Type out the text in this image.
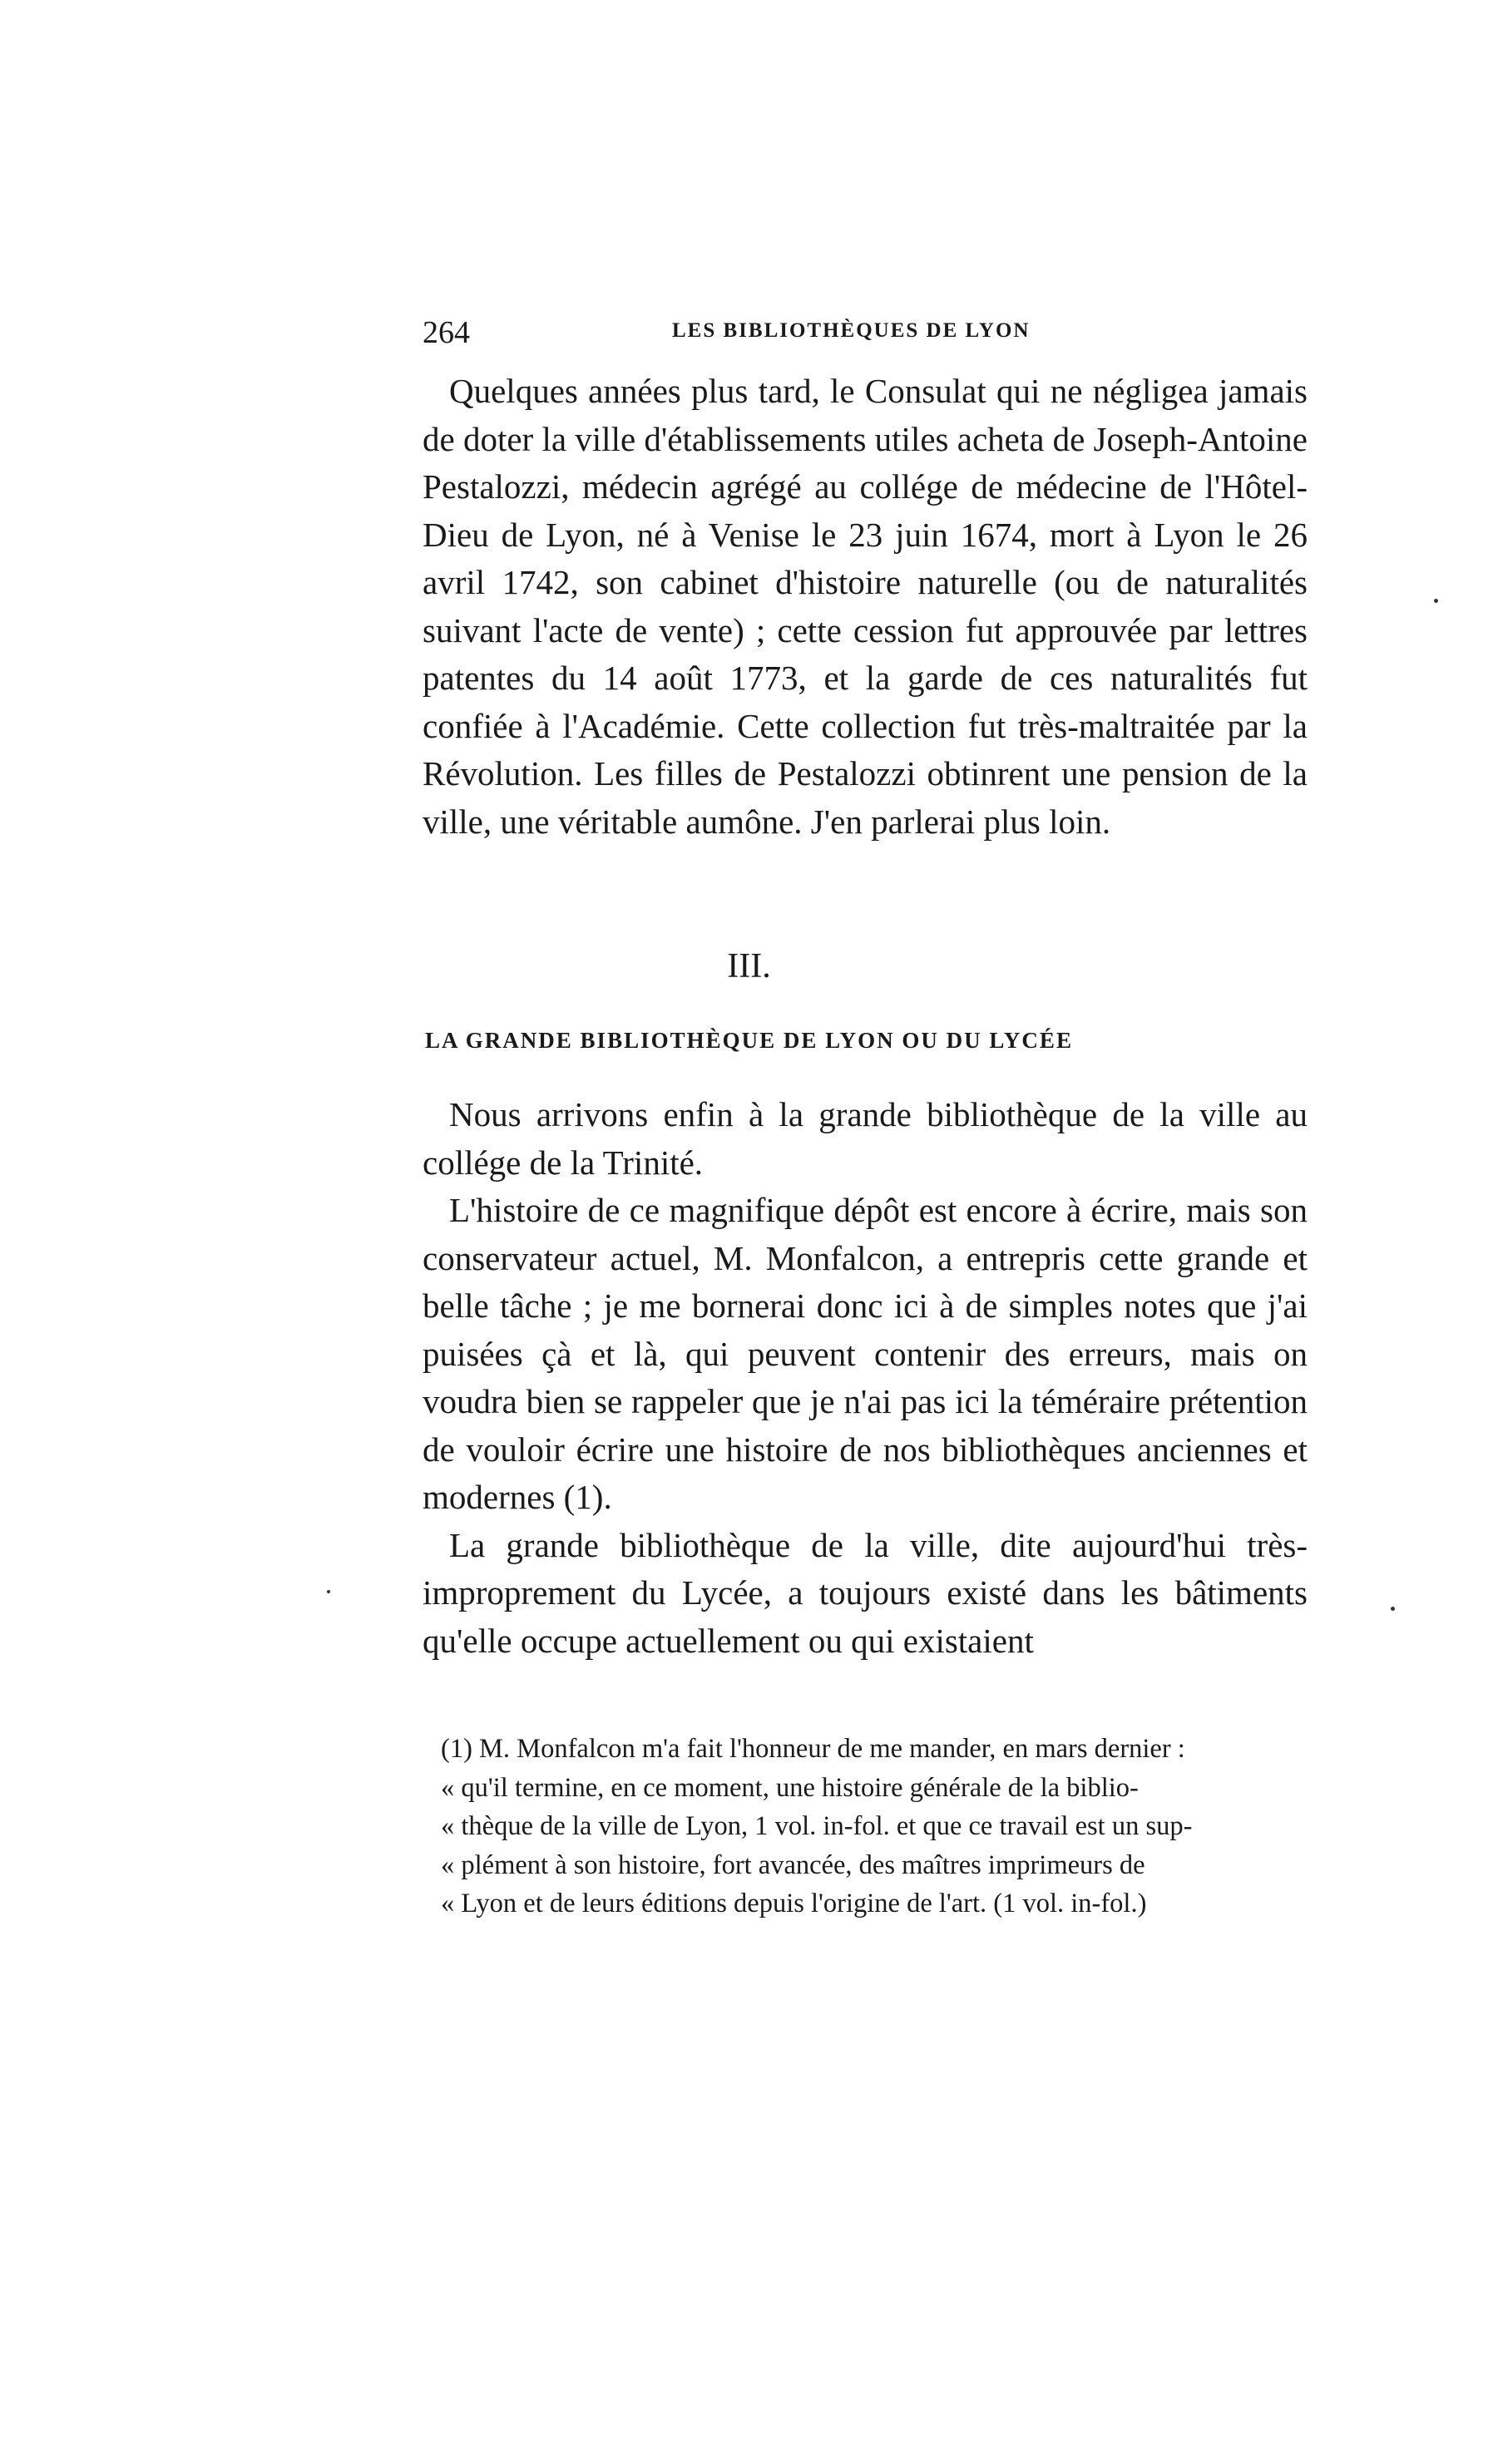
264	LES BIBLIOTHÈQUES DE LYON

Quelques années plus tard, le Consulat qui ne négligea jamais de doter la ville d'établissements utiles acheta de Joseph-Antoine Pestalozzi, médecin agrégé au collége de médecine de l'Hôtel-Dieu de Lyon, né à Venise le 23 juin 1674, mort à Lyon le 26 avril 1742, son cabinet d'histoire naturelle (ou de naturalités suivant l'acte de vente) ; cette cession fut approuvée par lettres patentes du 14 août 1773, et la garde de ces naturalités fut confiée à l'Académie. Cette collection fut très-maltraitée par la Révolution. Les filles de Pestalozzi obtinrent une pension de la ville, une véritable aumône. J'en parlerai plus loin.

III.
LA GRANDE BIBLIOTHÈQUE DE LYON OU DU LYCÉE

Nous arrivons enfin à la grande bibliothèque de la ville au collége de la Trinité.

L'histoire de ce magnifique dépôt est encore à écrire, mais son conservateur actuel, M. Monfalcon, a entrepris cette grande et belle tâche ; je me bornerai donc ici à de simples notes que j'ai puisées çà et là, qui peuvent contenir des erreurs, mais on voudra bien se rappeler que je n'ai pas ici la téméraire prétention de vouloir écrire une histoire de nos bibliothèques anciennes et modernes (1).

La grande bibliothèque de la ville, dite aujourd'hui très-improprement du Lycée, a toujours existé dans les bâtiments qu'elle occupe actuellement ou qui existaient

(1) M. Monfalcon m'a fait l'honneur de me mander, en mars dernier :

« qu'il termine, en ce moment, une histoire générale de la biblio-

« thèque de la ville de Lyon, 1 vol. in-fol. et que ce travail est un sup-

« plément à son histoire, fort avancée, des maîtres imprimeurs de

« Lyon et de leurs éditions depuis l'origine de l'art. (1 vol. in-fol.)
